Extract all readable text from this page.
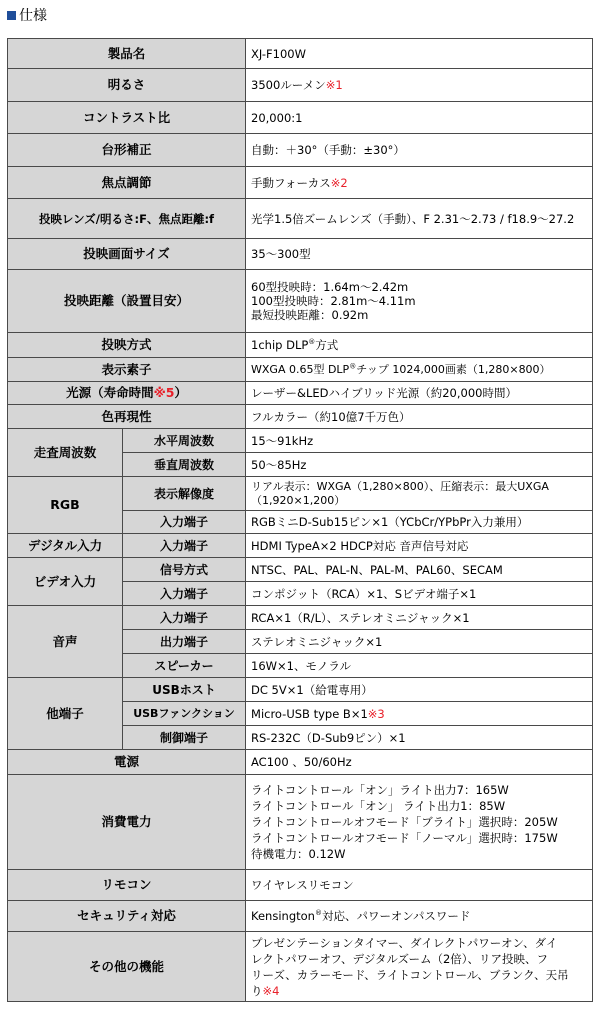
仕様
製品名		XJ-F100W
明るさ		3500ルーメン※1
コントラスト比		20,000:1
台形補正		自動：＋30°（手動：±30°）
焦点調節		手動フォーカス※2
投映レンズ/明るさ:F、焦点距離:f		光学1.5倍ズームレンズ（手動）、F 2.31～2.73 / f18.9～27.2
投映画面サイズ		35～300型
投映距離（設置目安）		60型投映時：1.64m～2.42m
100型投映時：2.81m～4.11m
最短投映距離：0.92m

投映方式		1chip DLP®方式
表示素子		WXGA 0.65型 DLP®チップ 1024,000画素（1,280×800）
光源（寿命時間※5）		レーザー&LEDハイブリッド光源（約20,000時間）
色再現性		フルカラー（約10億7千万色）
走査周波数	水平周波数	15～91kHz
	垂直周波数	50～85Hz
RGB	表示解像度	リアル表示：WXGA（1,280×800）、圧縮表示：最大UXGA
（1,920×1,200）

	入力端子	RGBミニD-Sub15ピン×1（YCbCr/YPbPr入力兼用）
デジタル入力	入力端子	HDMI TypeA×2 HDCP対応 音声信号対応
ビデオ入力	信号方式	NTSC、PAL、PAL-N、PAL-M、PAL60、SECAM
	入力端子	コンポジット（RCA）×1、Sビデオ端子×1
音声	入力端子	RCA×1（R/L）、ステレオミニジャック×1
	出力端子	ステレオミニジャック×1
	スピーカー	16W×1、モノラル
他端子	USBホスト	DC 5V×1（給電専用）
	USBファンクション	Micro-USB type B×1※3
	制御端子	RS-232C（D-Sub9ピン）×1
電源		AC100 、50/60Hz
消費電力		ライトコントロール「オン」ライト出力7：165W
ライトコントロール「オン」 ライト出力1：85W
ライトコントロールオフモード「ブライト」選択時：205W
ライトコントロールオフモード「ノーマル」選択時：175W
待機電力：0.12W

リモコン		ワイヤレスリモコン
セキュリティ対応		Kensington®対応、パワーオンパスワード
その他の機能		プレゼンテーションタイマー、ダイレクトパワーオン、ダイ
レクトパワーオフ、デジタルズーム（2倍）、リア投映、フ
リーズ、カラーモード、ライトコントロール、ブランク、天吊
り※4
